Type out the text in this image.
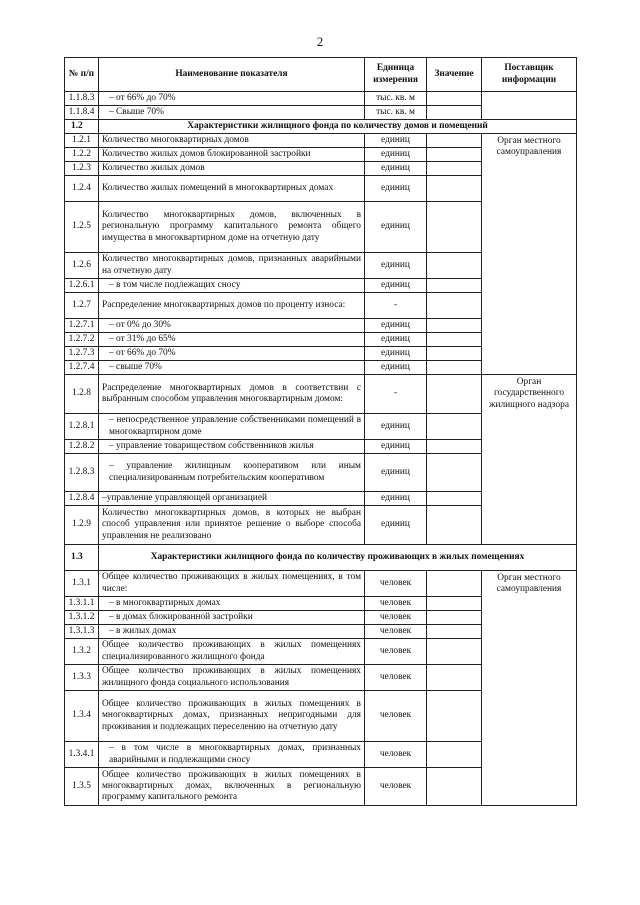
2
№ п/п	Наименование показателя	Единица измерения	Значение	Поставщик информации
1.1.8.3	– от 66% до 70%	тыс. кв. м		
1.1.8.4	– Свыше 70%	тыс. кв. м		
1.2	Характеристики жилищного фонда по количеству домов и помещений			
1.2.1	Количество многоквартирных домов	единиц		Орган местного самоуправления
1.2.2	Количество жилых домов блокированной застройки	единиц		
1.2.3	Количество жилых домов	единиц		
1.2.4	Количество жилых помещений в многоквартирных домах	единиц		
1.2.5	Количество многоквартирных домов, включенных в региональную программу капитального ремонта общего имущества в многоквартирном доме на отчетную дату	единиц		
1.2.6	Количество многоквартирных домов, признанных аварийными на отчетную дату	единиц		
1.2.6.1	– в том числе подлежащих сносу	единиц		
1.2.7	Распределение многоквартирных домов по проценту износа:	-		
1.2.7.1	– от 0% до 30%	единиц		
1.2.7.2	– от 31% до 65%	единиц		
1.2.7.3	– от 66% до 70%	единиц		
1.2.7.4	– свыше 70%	единиц		
1.2.8	Распределение многоквартирных домов в соответствии с выбранным способом управления многоквартирным домом:	-		Орган государственного жилищного надзора
1.2.8.1	– непосредственное управление собственниками помещений в многоквартирном доме	единиц		
1.2.8.2	– управление товариществом собственников жилья	единиц		
1.2.8.3	– управление жилищным кооперативом или иным специализированным потребительским кооперативом	единиц		
1.2.8.4	–управление управляющей организацией	единиц		
1.2.9	Количество многоквартирных домов, в которых не выбран способ управления или принятое решение о выборе способа управления не реализовано	единиц		
1.3	Характеристики жилищного фонда по количеству проживающих в жилых помещениях			
1.3.1	Общее количество проживающих в жилых помещениях, в том числе:	человек		Орган местного самоуправления
1.3.1.1	– в многоквартирных домах	человек		
1.3.1.2	– в домах блокированной застройки	человек		
1.3.1.3	– в жилых домах	человек		
1.3.2	Общее количество проживающих в жилых помещениях специализированного жилищного фонда	человек		
1.3.3	Общее количество проживающих в жилых помещениях жилищного фонда социального использования	человек		
1.3.4	Общее количество проживающих в жилых помещениях в многоквартирных домах, признанных непригодными для проживания и подлежащих переселению на отчетную дату	человек		
1.3.4.1	– в том числе в многоквартирных домах, признанных аварийными и подлежащими сносу	человек		
1.3.5	Общее количество проживающих в жилых помещениях в многоквартирных домах, включенных в региональную программу капитального ремонта	человек		
